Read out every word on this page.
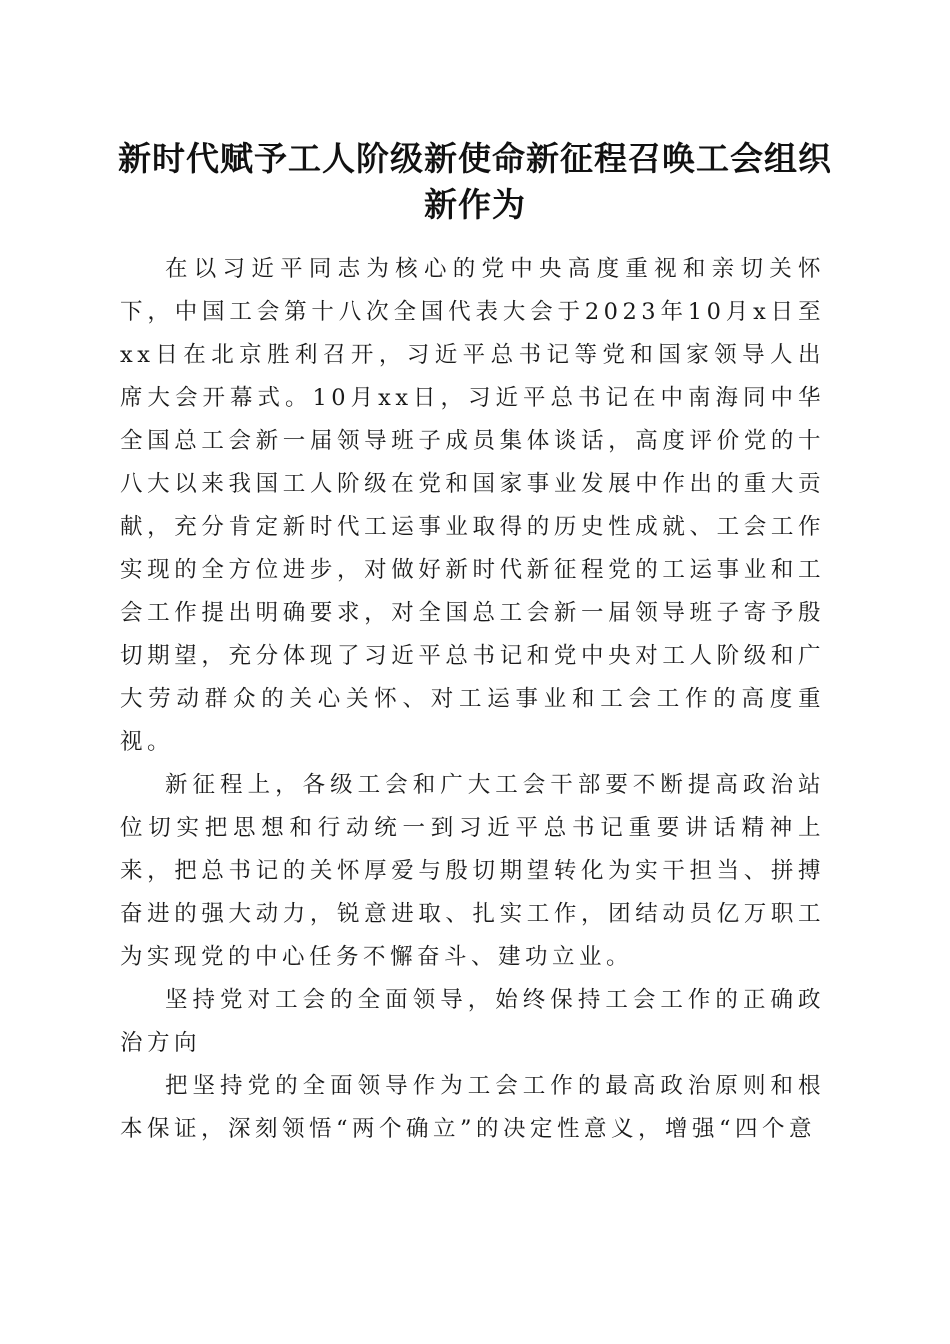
新时代赋予工人阶级新使命新征程召唤工会组织新作为

在以习近平同志为核心的党中央高度重视和亲切关怀下，中国工会第十八次全国代表大会于2023年10月x日至xx日在北京胜利召开，习近平总书记等党和国家领导人出席大会开幕式。10月xx日，习近平总书记在中南海同中华全国总工会新一届领导班子成员集体谈话，高度评价党的十八大以来我国工人阶级在党和国家事业发展中作出的重大贡献，充分肯定新时代工运事业取得的历史性成就、工会工作实现的全方位进步，对做好新时代新征程党的工运事业和工会工作提出明确要求，对全国总工会新一届领导班子寄予殷切期望，充分体现了习近平总书记和党中央对工人阶级和广大劳动群众的关心关怀、对工运事业和工会工作的高度重视。

新征程上，各级工会和广大工会干部要不断提高政治站位切实把思想和行动统一到习近平总书记重要讲话精神上来，把总书记的关怀厚爱与殷切期望转化为实干担当、拼搏奋进的强大动力，锐意进取、扎实工作，团结动员亿万职工为实现党的中心任务不懈奋斗、建功立业。

坚持党对工会的全面领导，始终保持工会工作的正确政治方向

把坚持党的全面领导作为工会工作的最高政治原则和根本保证，深刻领悟“两个确立”的决定性意义，增强“四个意
